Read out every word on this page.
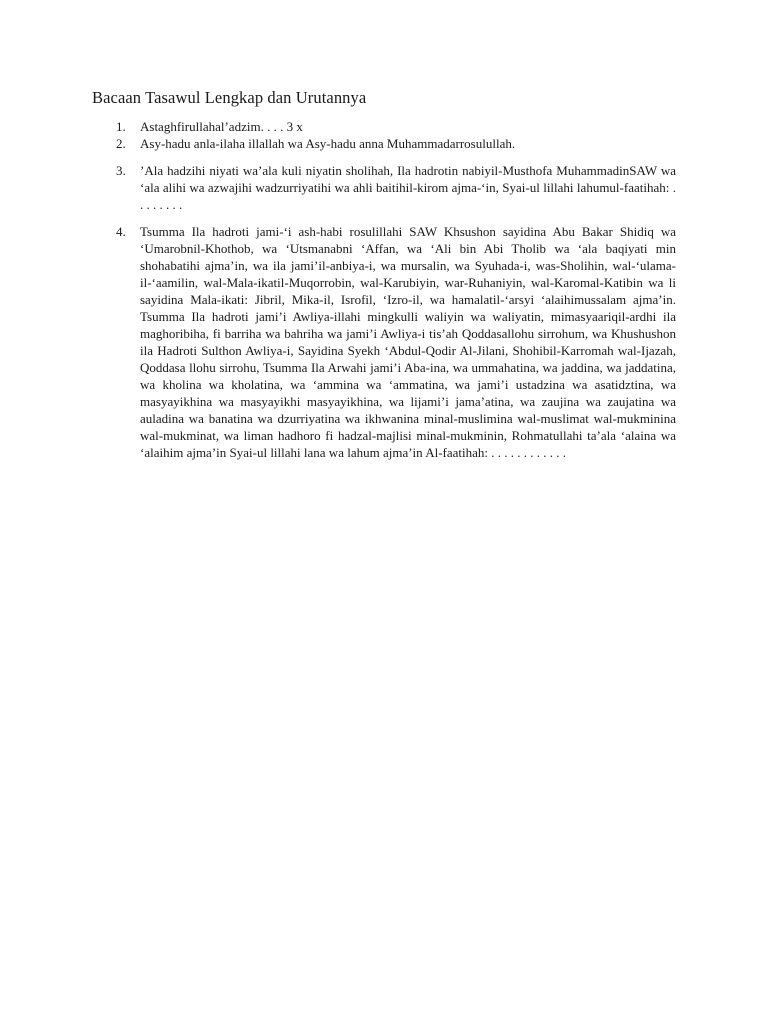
Bacaan Tasawul Lengkap dan Urutannya
1. Astaghfirullahal’adzim. . . . 3 x
2. Asy-hadu anla-ilaha illallah wa Asy-hadu anna Muhammadarrosulullah.
3. ’Ala hadzihi niyati wa’ala kuli niyatin sholihah, Ila hadrotin nabiyil-Musthofa MuhammadinSAW wa ‘ala alihi wa azwajihi wadzurriyatihi wa ahli baitihil-kirom ajma-‘in, Syai-ul lillahi lahumul-faatihah: . . . . . . . .
4. Tsumma Ila hadroti jami-‘i ash-habi rosulillahi SAW Khsushon sayidina Abu Bakar Shidiq wa ‘Umarobnil-Khothob, wa ‘Utsmanabni ‘Affan, wa ‘Ali bin Abi Tholib wa ‘ala baqiyati min shohabatihi ajma’in, wa ila jami’il-anbiya-i, wa mursalin, wa Syuhada-i, was-Sholihin, wal-‘ulama-il-‘aamilin, wal-Mala-ikatil-Muqorrobin, wal-Karubiyin, war-Ruhaniyin, wal-Karomal-Katibin wa li sayidina Mala-ikati: Jibril, Mika-il, Isrofil, ‘Izro-il, wa hamalatil-‘arsyi ‘alaihimussalam ajma’in. Tsumma Ila hadroti jami’i Awliya-illahi mingkulli waliyin wa waliyatin, mimasyaariqil-ardhi ila maghoribiha, fi barriha wa bahriha wa jami’i Awliya-i tis’ah Qoddasallohu sirrohum, wa Khushushon ila Hadroti Sulthon Awliya-i, Sayidina Syekh ‘Abdul-Qodir Al-Jilani, Shohibil-Karromah wal-Ijazah, Qoddasa llohu sirrohu, Tsumma Ila Arwahi jami’i Aba-ina, wa ummahatina, wa jaddina, wa jaddatina, wa kholina wa kholatina, wa ‘ammina wa ‘ammatina, wa jami’i ustadzina wa asatidztina, wa masyayikhina wa masyayikhi masyayikhina, wa lijami’i jama’atina, wa zaujina wa zaujatina wa auladina wa banatina wa dzurriyatina wa ikhwanina minal-muslimina wal-muslimat wal-mukminina wal-mukminat, wa liman hadhoro fi hadzal-majlisi minal-mukminin, Rohmatullahi ta’ala ‘alaina wa ‘alaihim ajma’in Syai-ul lillahi lana wa lahum ajma’in Al-faatihah: . . . . . . . . . . . .
